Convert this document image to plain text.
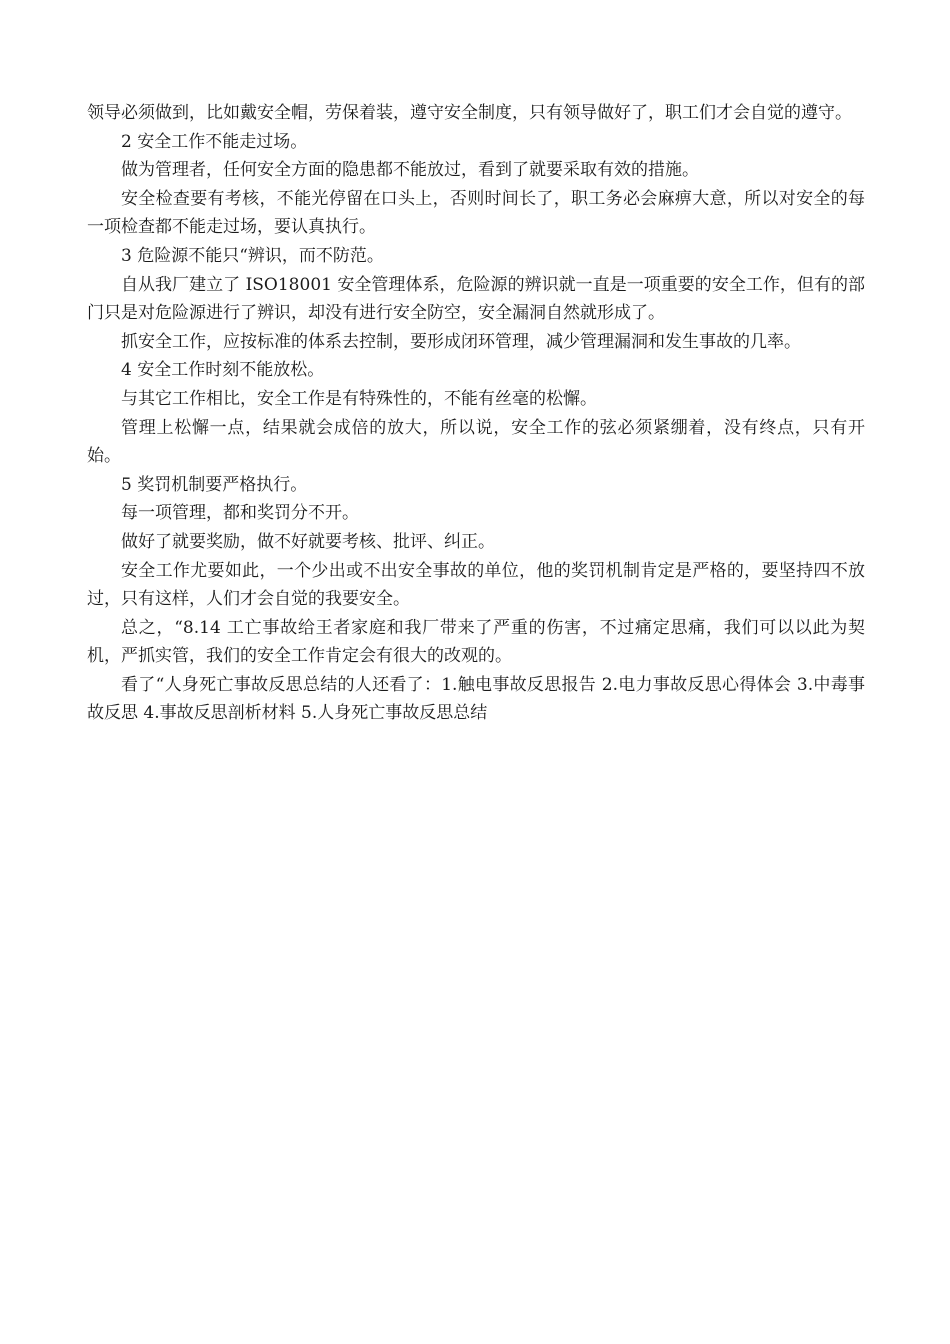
领导必须做到，比如戴安全帽，劳保着装，遵守安全制度，只有领导做好了，职工们才会自觉的遵守。

2 安全工作不能走过场。

做为管理者，任何安全方面的隐患都不能放过，看到了就要采取有效的措施。

安全检查要有考核，不能光停留在口头上，否则时间长了，职工务必会麻痹大意，所以对安全的每一项检查都不能走过场，要认真执行。

3 危险源不能只“辨识，而不防范。

自从我厂建立了 ISO18001 安全管理体系，危险源的辨识就一直是一项重要的安全工作，但有的部门只是对危险源进行了辨识，却没有进行安全防空，安全漏洞自然就形成了。

抓安全工作，应按标准的体系去控制，要形成闭环管理，减少管理漏洞和发生事故的几率。

4 安全工作时刻不能放松。

与其它工作相比，安全工作是有特殊性的，不能有丝毫的松懈。

管理上松懈一点，结果就会成倍的放大，所以说，安全工作的弦必须紧绷着，没有终点，只有开始。

5 奖罚机制要严格执行。

每一项管理，都和奖罚分不开。

做好了就要奖励，做不好就要考核、批评、纠正。

安全工作尤要如此，一个少出或不出安全事故的单位，他的奖罚机制肯定是严格的，要坚持四不放过，只有这样，人们才会自觉的我要安全。

总之，“8.14 工亡事故给王者家庭和我厂带来了严重的伤害，不过痛定思痛，我们可以以此为契机，严抓实管，我们的安全工作肯定会有很大的改观的。

看了“人身死亡事故反思总结的人还看了：1.触电事故反思报告 2.电力事故反思心得体会 3.中毒事故反思 4.事故反思剖析材料 5.人身死亡事故反思总结
